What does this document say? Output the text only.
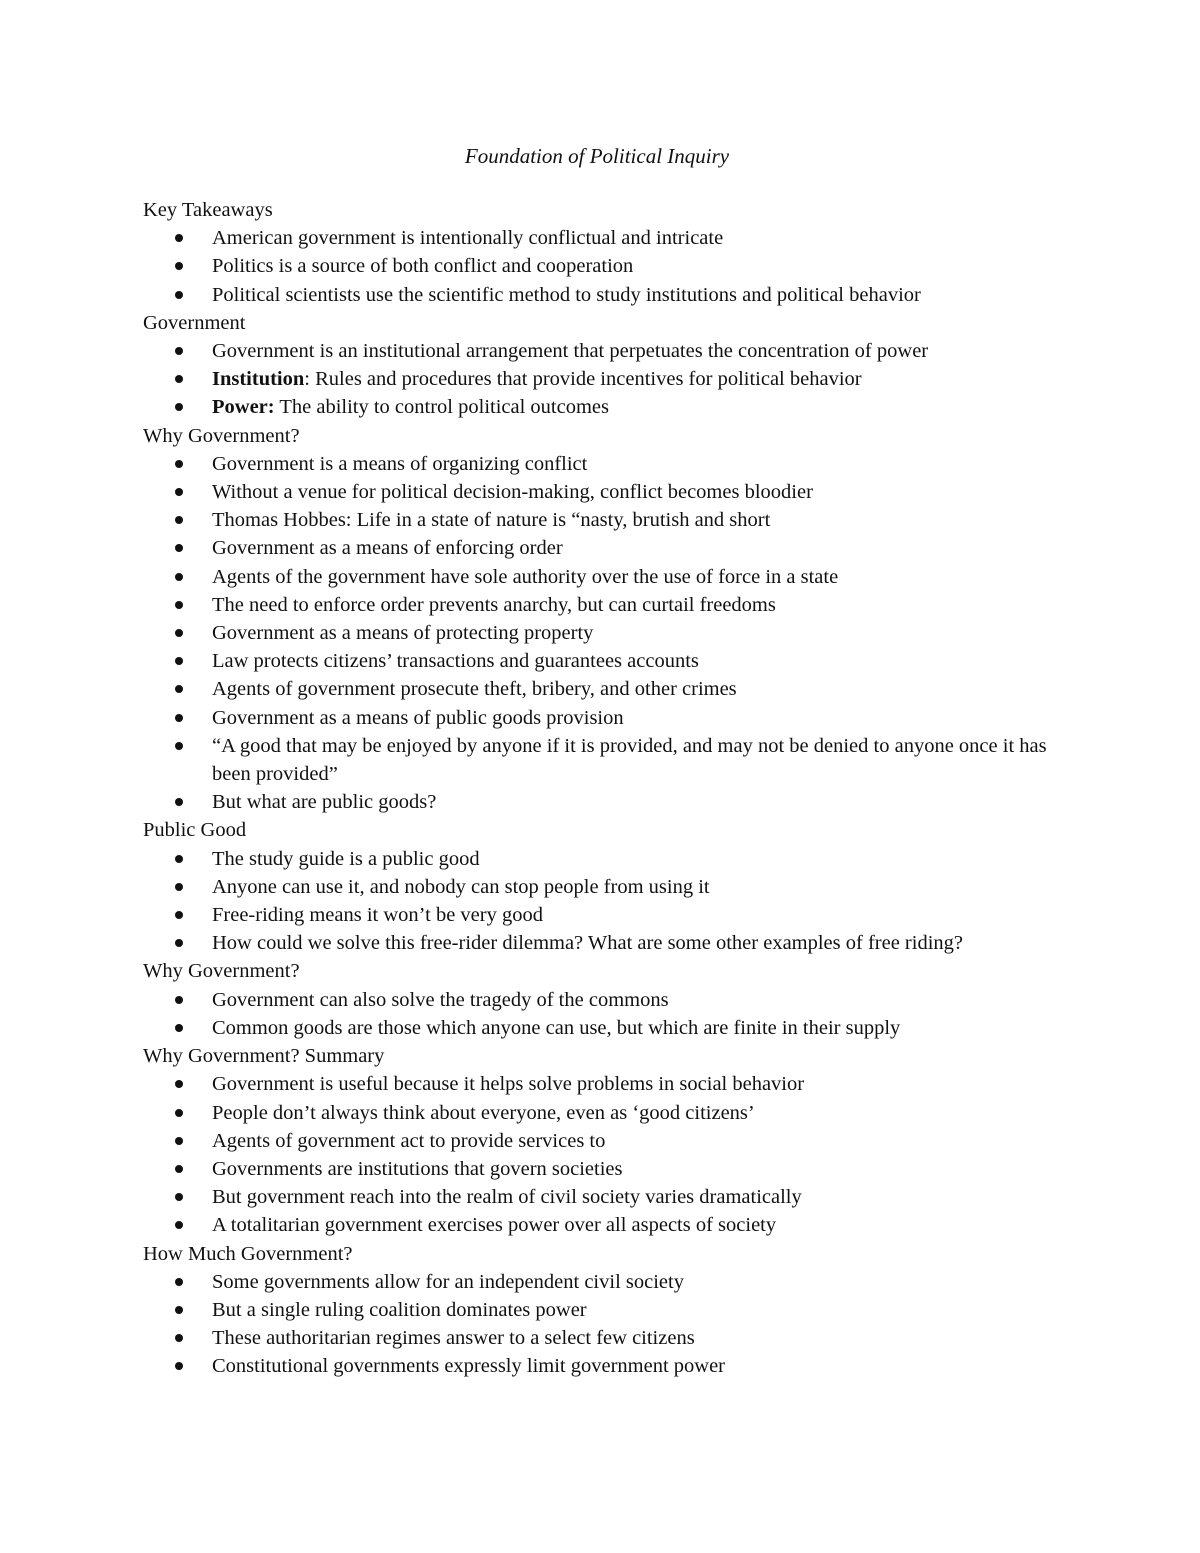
Foundation of Political Inquiry

Key Takeaways

American government is intentionally conflictual and intricate
Politics is a source of both conflict and cooperation
Political scientists use the scientific method to study institutions and political behavior

Government

Government is an institutional arrangement that perpetuates the concentration of power
Institution: Rules and procedures that provide incentives for political behavior
Power: The ability to control political outcomes

Why Government?

Government is a means of organizing conflict
Without a venue for political decision-making, conflict becomes bloodier
Thomas Hobbes: Life in a state of nature is “nasty, brutish and short
Government as a means of enforcing order
Agents of the government have sole authority over the use of force in a state
The need to enforce order prevents anarchy, but can curtail freedoms
Government as a means of protecting property
Law protects citizens’ transactions and guarantees accounts
Agents of government prosecute theft, bribery, and other crimes
Government as a means of public goods provision
“A good that may be enjoyed by anyone if it is provided, and may not be denied to anyone once it has been provided”
But what are public goods?

Public Good

The study guide is a public good
Anyone can use it, and nobody can stop people from using it
Free-riding means it won’t be very good
How could we solve this free-rider dilemma? What are some other examples of free riding?

Why Government?

Government can also solve the tragedy of the commons
Common goods are those which anyone can use, but which are finite in their supply

Why Government? Summary

Government is useful because it helps solve problems in social behavior
People don’t always think about everyone, even as ‘good citizens’
Agents of government act to provide services to
Governments are institutions that govern societies
But government reach into the realm of civil society varies dramatically
A totalitarian government exercises power over all aspects of society

How Much Government?

Some governments allow for an independent civil society
But a single ruling coalition dominates power
These authoritarian regimes answer to a select few citizens
Constitutional governments expressly limit government power
